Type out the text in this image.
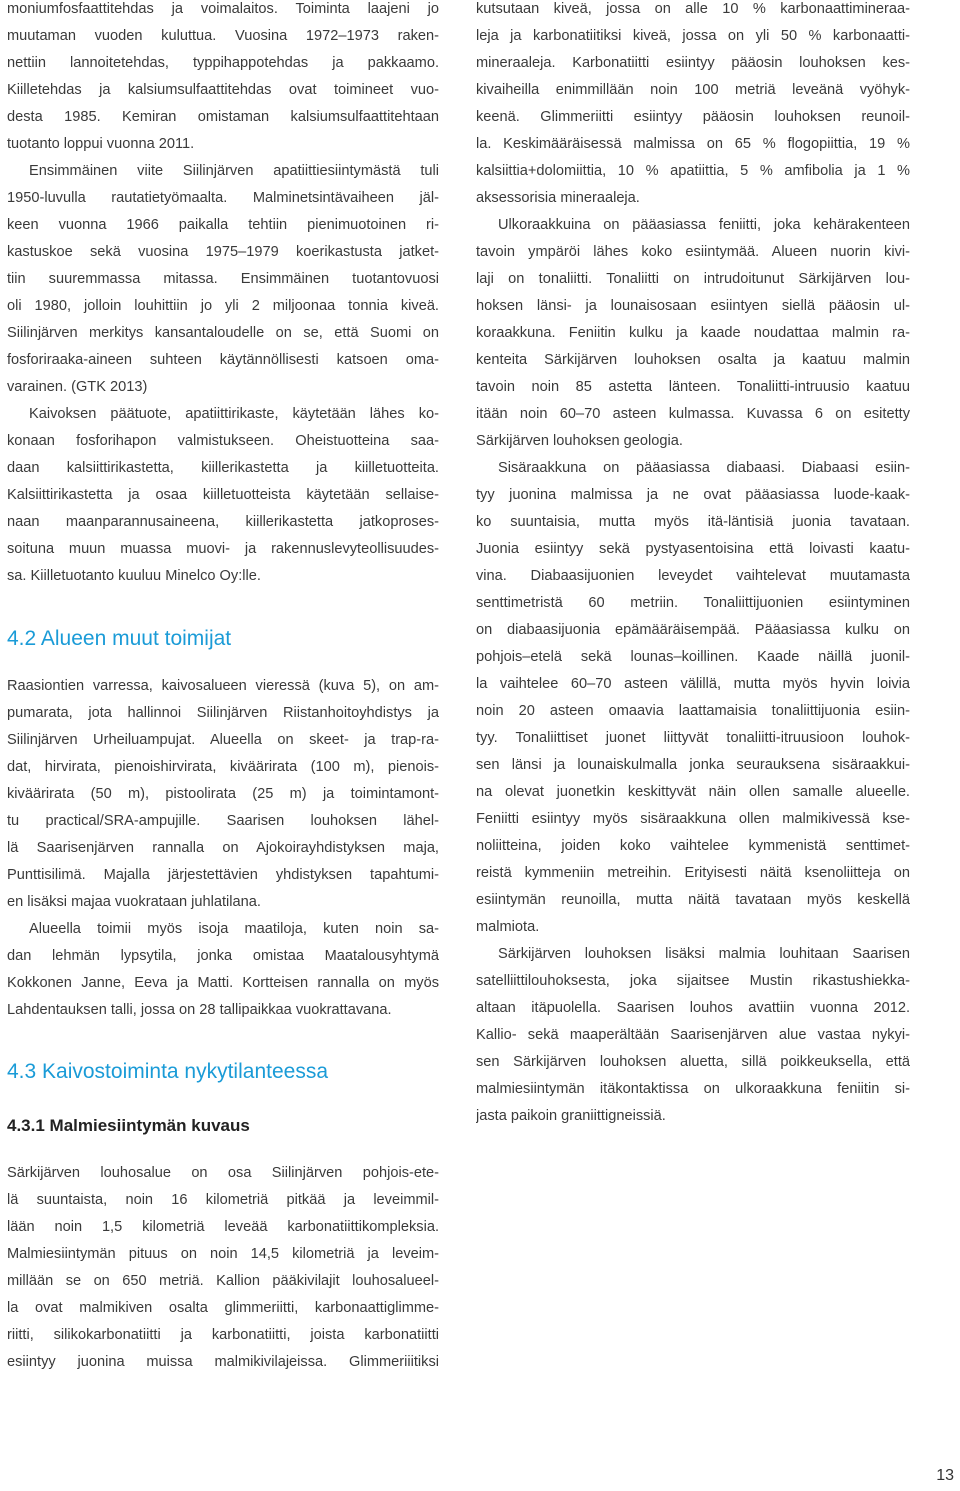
moniumfosfaattitehdas ja voimalaitos. Toiminta laajeni jo
muutaman vuoden kuluttua. Vuosina 1972–1973 raken-
nettiin lannoitetehdas, typpihappotehdas ja pakkaamo.
Kiilletehdas ja kalsiumsulfaattitehdas ovat toimineet vuo-
desta 1985. Kemiran omistaman kalsiumsulfaattitehtaan
tuotanto loppui vuonna 2011.
Ensimmäinen viite Siilinjärven apatiittiesiintymästä tuli
1950-luvulla rautatietyömaalta. Malminetsintävaiheen jäl-
keen vuonna 1966 paikalla tehtiin pienimuotoinen ri-
kastuskoe sekä vuosina 1975–1979 koerikastusta jatket-
tiin suuremmassa mitassa. Ensimmäinen tuotantovuosi
oli 1980, jolloin louhittiin jo yli 2 miljoonaa tonnia kiveä.
Siilinjärven merkitys kansantaloudelle on se, että Suomi on
fosforiraaka-aineen suhteen käytännöllisesti katsoen oma-
varainen. (GTK 2013)
Kaivoksen päätuote, apatiittirikaste, käytetään lähes ko-
konaan fosforihapon valmistukseen. Oheistuotteina saa-
daan kalsiittirikastetta, kiillerikastetta ja kiilletuotteita.
Kalsiittirikastetta ja osaa kiilletuotteista käytetään sellaise-
naan maanparannusaineena, kiillerikastetta jatkoproses-
soituna muun muassa muovi- ja rakennuslevyteollisuudes-
sa. Kiilletuotanto kuuluu Minelco Oy:lle.
Raasiontien varressa, kaivosalueen vieressä (kuva 5), on am-
pumarata, jota hallinnoi Siilinjärven Riistanhoitoyhdistys ja
Siilinjärven Urheiluampujat. Alueella on skeet- ja trap-ra-
dat, hirvirata, pienoishirvirata, kiväärirata (100 m), pienois-
kiväärirata (50 m), pistoolirata (25 m) ja toimintamont-
tu practical/SRA-ampujille. Saarisen louhoksen lähel-
lä Saarisenjärven rannalla on Ajokoirayhdistyksen maja,
Punttisilimä. Majalla järjestettävien yhdistyksen tapahtumi-
en lisäksi majaa vuokrataan juhlatilana.
Alueella toimii myös isoja maatiloja, kuten noin sa-
dan lehmän lypsytila, jonka omistaa Maatalousyhtymä
Kokkonen Janne, Eeva ja Matti. Kortteisen rannalla on myös
Lahdentauksen talli, jossa on 28 tallipaikkaa vuokrattavana.
Särkijärven louhosalue on osa Siilinjärven pohjois-ete-
lä suuntaista, noin 16 kilometriä pitkää ja leveimmil-
lään noin 1,5 kilometriä leveää karbonatiittikompleksia.
Malmiesiintymän pituus on noin 14,5 kilometriä ja leveim-
millään se on 650 metriä. Kallion pääkivilajit louhosalueel-
la ovat malmikiven osalta glimmeriitti, karbonaattiglimme-
riitti, silikokarbonatiitti ja karbonatiitti, joista karbonatiitti
esiintyy juonina muissa malmikivilajeissa. Glimmeriiitiksi
kutsutaan kiveä, jossa on alle 10 % karbonaattimineraa-
leja ja karbonatiitiksi kiveä, jossa on yli 50 % karbonaatti-
mineraaleja. Karbonatiitti esiintyy pääosin louhoksen kes-
kivaiheilla enimmillään noin 100 metriä leveänä vyöhyk-
keenä. Glimmeriitti esiintyy pääosin louhoksen reunoil-
la. Keskimääräisessä malmissa on 65 % flogopiittia, 19 %
kalsiittia+dolomiittia, 10 % apatiittia, 5 % amfibolia ja 1 %
aksessorisia mineraaleja.
Ulkoraakkuina on pääasiassa feniitti, joka kehärakenteen
tavoin ympäröi lähes koko esiintymää. Alueen nuorin kivi-
laji on tonaliitti. Tonaliitti on intrudoitunut Särkijärven lou-
hoksen länsi- ja lounaisosaan esiintyen siellä pääosin ul-
koraakkuna. Feniitin kulku ja kaade noudattaa malmin ra-
kenteita Särkijärven louhoksen osalta ja kaatuu malmin
tavoin noin 85 astetta länteen. Tonaliitti-intruusio kaatuu
itään noin 60–70 asteen kulmassa. Kuvassa 6 on esitetty
Särkijärven louhoksen geologia.
Sisäraakkuna on pääasiassa diabaasi. Diabaasi esiin-
tyy juonina malmissa ja ne ovat pääasiassa luode-kaak-
ko suuntaisia, mutta myös itä-läntisiä juonia tavataan.
Juonia esiintyy sekä pystyasentoisina että loivasti kaatu-
vina. Diabaasijuonien leveydet vaihtelevat muutamasta
senttimetristä 60 metriin. Tonaliittijuonien esiintyminen
on diabaasijuonia epämääräisempää. Pääasiassa kulku on
pohjois–etelä sekä lounas–koillinen. Kaade näillä juonil-
la vaihtelee 60–70 asteen välillä, mutta myös hyvin loivia
noin 20 asteen omaavia laattamaisia tonaliittijuonia esiin-
tyy. Tonaliittiset juonet liittyvät tonaliitti-itruusioon louhok-
sen länsi ja lounaiskulmalla jonka seurauksena sisäraakkui-
na olevat juonetkin keskittyvät näin ollen samalle alueelle.
Feniitti esiintyy myös sisäraakkuna ollen malmikivessä kse-
noliitteina, joiden koko vaihtelee kymmenistä senttimet-
reistä kymmeniin metreihin. Erityisesti näitä ksenoliitteja on
esiintymän reunoilla, mutta näitä tavataan myös keskellä
malmiota.
Särkijärven louhoksen lisäksi malmia louhitaan Saarisen
satelliittilouhoksesta, joka sijaitsee Mustin rikastushiekka-
altaan itäpuolella. Saarisen louhos avattiin vuonna 2012.
Kallio- sekä maaperältään Saarisenjärven alue vastaa nykyi-
sen Särkijärven louhoksen aluetta, sillä poikkeuksella, että
malmiesiintymän itäkontaktissa on ulkoraakkuna feniitin si-
jasta paikoin graniittigneissiä.
4.2 Alueen muut toimijat
4.3 Kaivostoiminta nykytilanteessa
4.3.1 Malmiesiintymän kuvaus
13
